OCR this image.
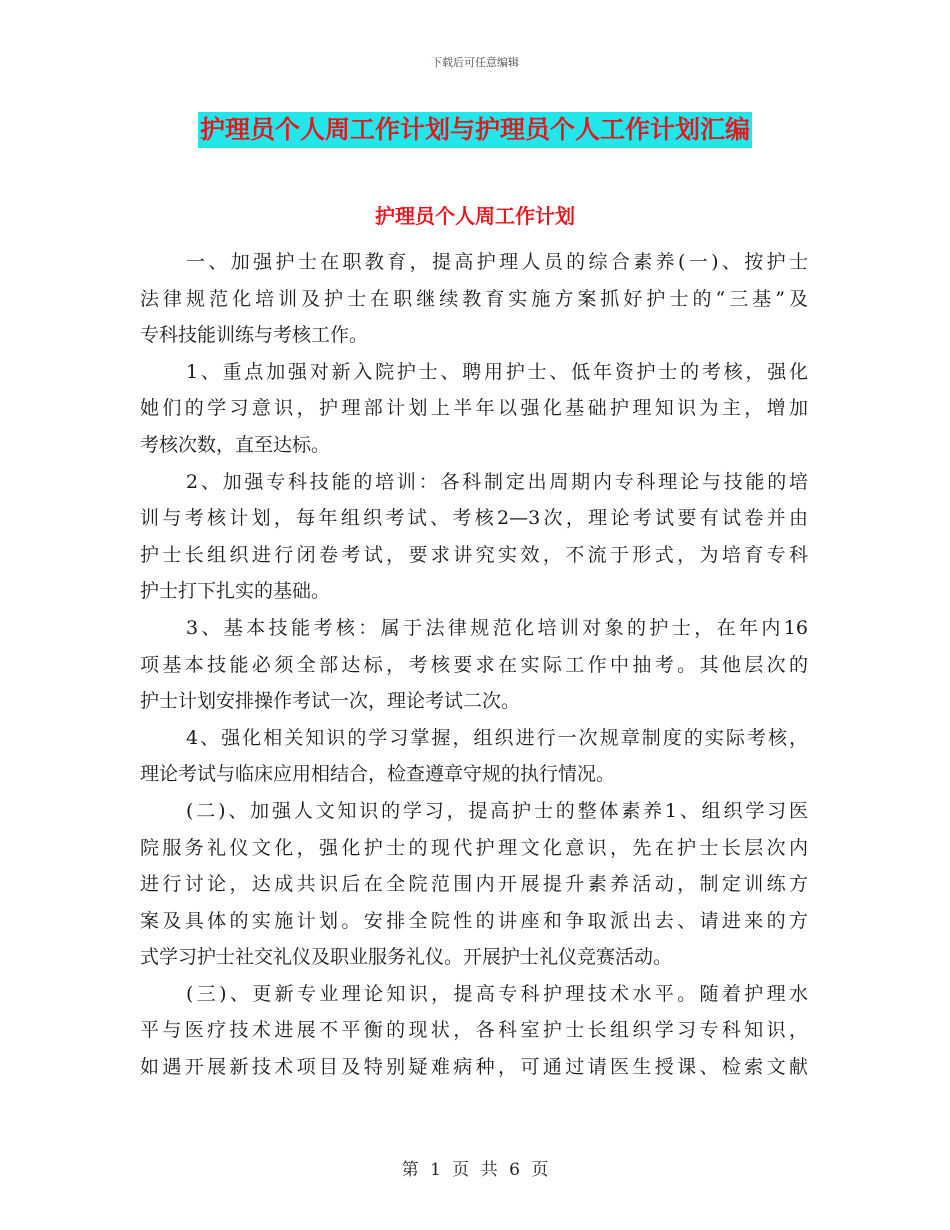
下载后可任意编辑
护理员个人周工作计划与护理员个人工作计划汇编
护理员个人周工作计划
一、加强护士在职教育，提高护理人员的综合素养(一)、按护士
法律规范化培训及护士在职继续教育实施方案抓好护士的“三基”及
专科技能训练与考核工作。
1、重点加强对新入院护士、聘用护士、低年资护士的考核，强化
她们的学习意识，护理部计划上半年以强化基础护理知识为主，增加
考核次数，直至达标。
2、加强专科技能的培训：各科制定出周期内专科理论与技能的培
训与考核计划，每年组织考试、考核2—3次，理论考试要有试卷并由
护士长组织进行闭卷考试，要求讲究实效，不流于形式，为培育专科
护士打下扎实的基础。
3、基本技能考核：属于法律规范化培训对象的护士，在年内16
项基本技能必须全部达标，考核要求在实际工作中抽考。其他层次的
护士计划安排操作考试一次，理论考试二次。
4、强化相关知识的学习掌握，组织进行一次规章制度的实际考核，
理论考试与临床应用相结合，检查遵章守规的执行情况。
(二)、加强人文知识的学习，提高护士的整体素养1、组织学习医
院服务礼仪文化，强化护士的现代护理文化意识，先在护士长层次内
进行讨论，达成共识后在全院范围内开展提升素养活动，制定训练方
案及具体的实施计划。安排全院性的讲座和争取派出去、请进来的方
式学习护士社交礼仪及职业服务礼仪。开展护士礼仪竞赛活动。
(三)、更新专业理论知识，提高专科护理技术水平。随着护理水
平与医疗技术进展不平衡的现状，各科室护士长组织学习专科知识，
如遇开展新技术项目及特别疑难病种，可通过请医生授课、检索文献
第 1 页 共 6 页
